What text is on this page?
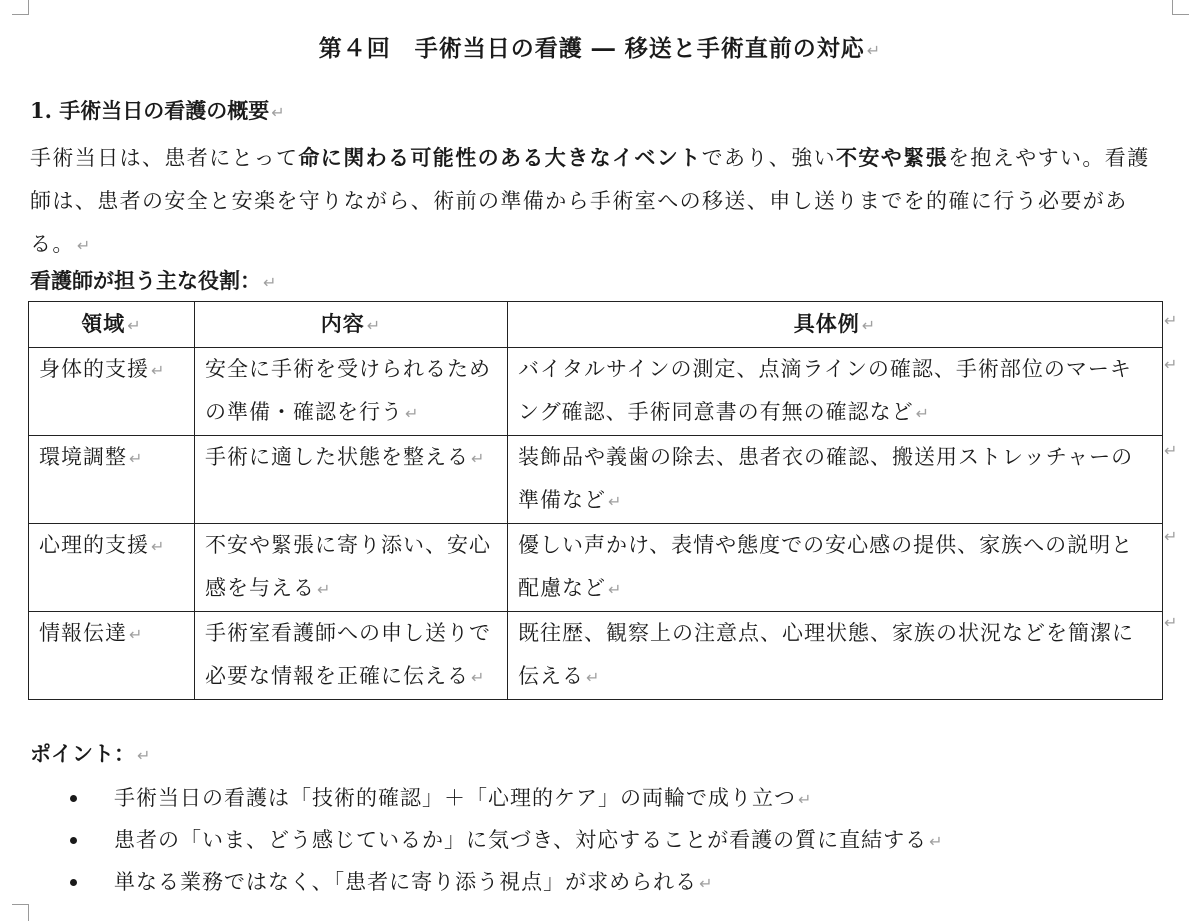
第４回　手術当日の看護 ― 移送と手術直前の対応 ↵
1. 手術当日の看護の概要 ↵
手術当日は、患者にとって命に関わる可能性のある大きなイベントであり、強い不安や緊張を抱えやすい。看護師は、患者の安全と安楽を守りながら、術前の準備から手術室への移送、申し送りまでを的確に行う必要がある。 ↵
看護師が担う主な役割： ↵
領域 ↵	内容 ↵	具体例 ↵
身体的支援 ↵	安全に手術を受けられるための準備・確認を行う ↵	バイタルサインの測定、点滴ラインの確認、手術部位のマーキング確認、手術同意書の有無の確認など ↵
環境調整 ↵	手術に適した状態を整える ↵	装飾品や義歯の除去、患者衣の確認、搬送用ストレッチャーの準備など ↵
心理的支援 ↵	不安や緊張に寄り添い、安心感を与える ↵	優しい声かけ、表情や態度での安心感の提供、家族への説明と配慮など ↵
情報伝達 ↵	手術室看護師への申し送りで必要な情報を正確に伝える ↵	既往歴、観察上の注意点、心理状態、家族の状況などを簡潔に伝える ↵
↵
↵
↵
↵
↵
ポイント： ↵
手術当日の看護は「技術的確認」＋「心理的ケア」の両輪で成り立つ ↵
患者の「いま、どう感じているか」に気づき、対応することが看護の質に直結する ↵
単なる業務ではなく、「患者に寄り添う視点」が求められる ↵
